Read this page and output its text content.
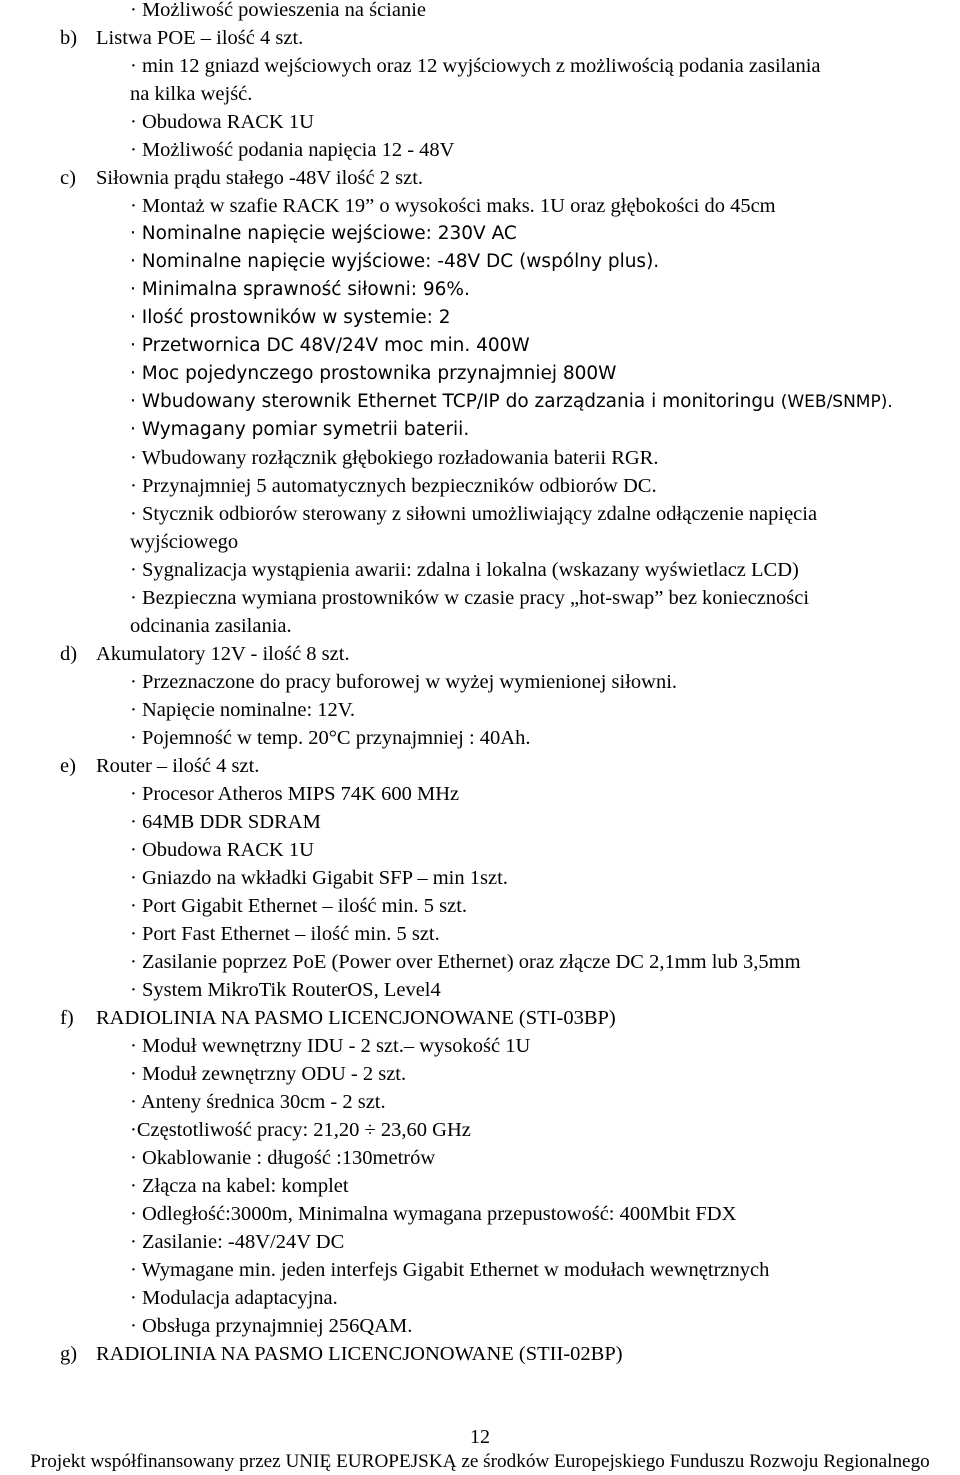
· Możliwość powieszenia na ścianie
b) Listwa POE – ilość 4 szt.
· min 12 gniazd wejściowych oraz 12 wyjściowych z możliwością podania zasilania
na kilka wejść.
· Obudowa RACK 1U
· Możliwość podania napięcia 12 - 48V
c) Siłownia prądu stałego -48V ilość 2 szt.
· Montaż w szafie RACK 19” o wysokości maks. 1U oraz głębokości do 45cm
· Nominalne napięcie wejściowe: 230V AC
· Nominalne napięcie wyjściowe: -48V DC (wspólny plus).
· Minimalna sprawność siłowni: 96%.
· Ilość prostowników w systemie: 2
· Przetwornica DC 48V/24V moc min. 400W
· Moc pojedynczego prostownika przynajmniej 800W
· Wbudowany sterownik Ethernet TCP/IP do zarządzania i monitoringu (WEB/SNMP).
· Wymagany pomiar symetrii baterii.
· Wbudowany rozłącznik głębokiego rozładowania baterii RGR.
· Przynajmniej 5 automatycznych bezpieczników odbiorów DC.
· Stycznik odbiorów sterowany z siłowni umożliwiający zdalne odłączenie napięcia
wyjściowego
· Sygnalizacja wystąpienia awarii: zdalna i lokalna (wskazany wyświetlacz LCD)
· Bezpieczna wymiana prostowników w czasie pracy „hot-swap” bez konieczności
odcinania zasilania.
d) Akumulatory 12V - ilość 8 szt.
· Przeznaczone do pracy buforowej w wyżej wymienionej siłowni.
· Napięcie nominalne: 12V.
· Pojemność w temp. 20°C przynajmniej : 40Ah.
e) Router – ilość 4 szt.
· Procesor Atheros MIPS 74K 600 MHz
· 64MB DDR SDRAM
· Obudowa RACK 1U
· Gniazdo na wkładki Gigabit SFP – min 1szt.
· Port Gigabit Ethernet – ilość min. 5 szt.
· Port Fast Ethernet – ilość min. 5 szt.
· Zasilanie poprzez PoE (Power over Ethernet) oraz złącze DC 2,1mm lub 3,5mm
· System MikroTik RouterOS, Level4
f) RADIOLINIA NA PASMO LICENCJONOWANE (STI-03BP)
· Moduł wewnętrzny IDU - 2 szt.– wysokość 1U
· Moduł zewnętrzny ODU - 2 szt.
· Anteny średnica 30cm - 2 szt.
·Częstotliwość pracy: 21,20 ÷ 23,60 GHz
· Okablowanie : długość :130metrów
· Złącza na kabel: komplet
· Odległość:3000m, Minimalna wymagana przepustowość: 400Mbit FDX
· Zasilanie: -48V/24V DC
· Wymagane min. jeden interfejs Gigabit Ethernet w modułach wewnętrznych
· Modulacja adaptacyjna.
· Obsługa przynajmniej 256QAM.
g) RADIOLINIA NA PASMO LICENCJONOWANE (STII-02BP)
12
Projekt współfinansowany przez UNIĘ EUROPEJSKĄ ze środków Europejskiego Funduszu Rozwoju Regionalnego
